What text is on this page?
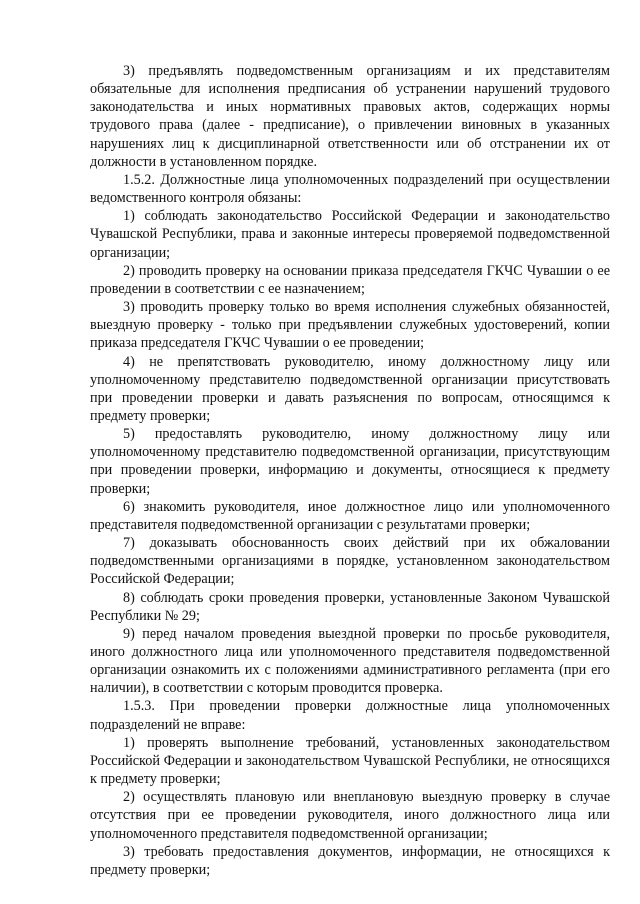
3) предъявлять подведомственным организациям и их представителям обязательные для исполнения предписания об устранении нарушений трудового законодательства и иных нормативных правовых актов, содержащих нормы трудового права (далее - предписание), о привлечении виновных в указанных нарушениях лиц к дисциплинарной ответственности или об отстранении их от должности в установленном порядке.

1.5.2. Должностные лица уполномоченных подразделений при осуществлении ведомственного контроля обязаны:

1) соблюдать законодательство Российской Федерации и законодательство Чувашской Республики, права и законные интересы проверяемой подведомственной организации;

2) проводить проверку на основании приказа председателя ГКЧС Чувашии о ее проведении в соответствии с ее назначением;

3) проводить проверку только во время исполнения служебных обязанностей, выездную проверку - только при предъявлении служебных удостоверений, копии приказа председателя ГКЧС Чувашии о ее проведении;

4) не препятствовать руководителю, иному должностному лицу или уполномоченному представителю подведомственной организации присутствовать при проведении проверки и давать разъяснения по вопросам, относящимся к предмету проверки;

5) предоставлять руководителю, иному должностному лицу или уполномоченному представителю подведомственной организации, присутствующим при проведении проверки, информацию и документы, относящиеся к предмету проверки;

6) знакомить руководителя, иное должностное лицо или уполномоченного представителя подведомственной организации с результатами проверки;

7) доказывать обоснованность своих действий при их обжаловании подведомственными организациями в порядке, установленном законодательством Российской Федерации;

8) соблюдать сроки проведения проверки, установленные Законом Чувашской Республики № 29;

9) перед началом проведения выездной проверки по просьбе руководителя, иного должностного лица или уполномоченного представителя подведомственной организации ознакомить их с положениями административного регламента (при его наличии), в соответствии с которым проводится проверка.

1.5.3. При проведении проверки должностные лица уполномоченных подразделений не вправе:

1) проверять выполнение требований, установленных законодательством Российской Федерации и законодательством Чувашской Республики, не относящихся к предмету проверки;

2) осуществлять плановую или внеплановую выездную проверку в случае отсутствия при ее проведении руководителя, иного должностного лица или уполномоченного представителя подведомственной организации;

3) требовать предоставления документов, информации, не относящихся к предмету проверки;
